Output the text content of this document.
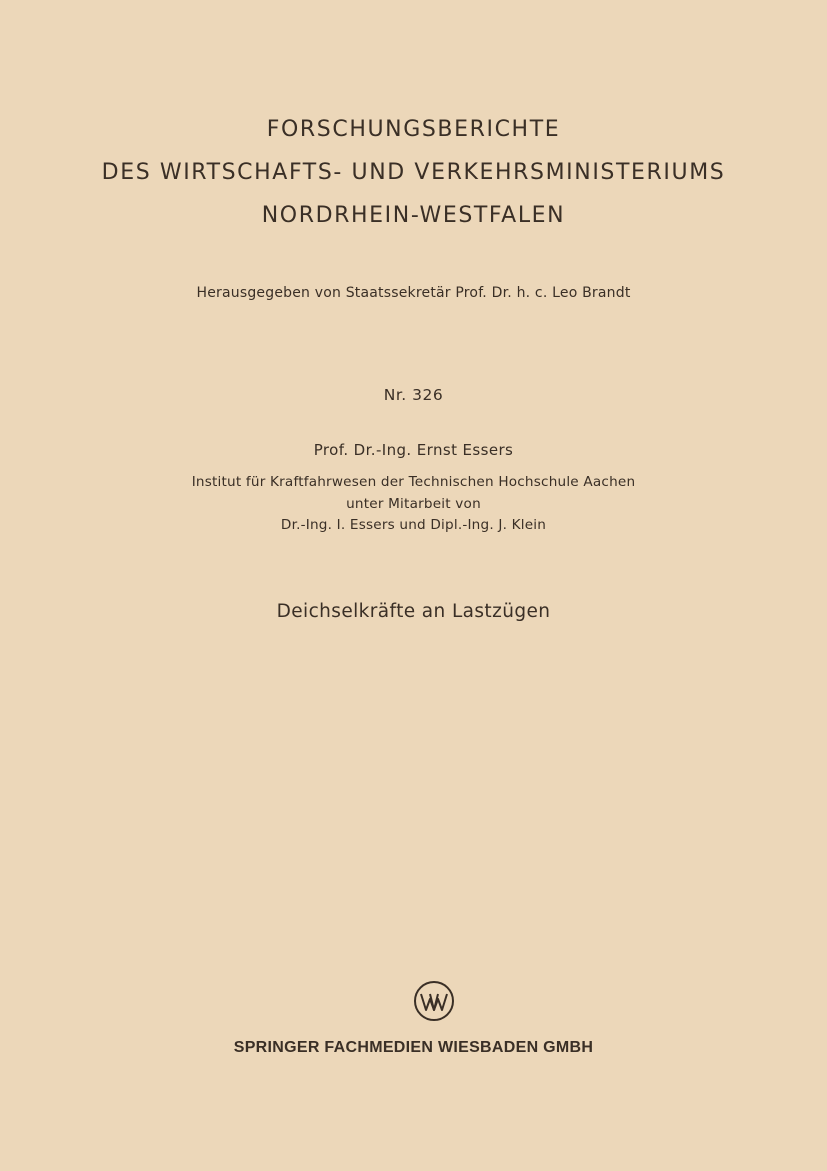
FORSCHUNGSBERICHTE
DES WIRTSCHAFTS- UND VERKEHRSMINISTERIUMS
NORDRHEIN-WESTFALEN
Herausgegeben von Staatssekretär Prof. Dr. h. c. Leo Brandt
Nr. 326
Prof. Dr.-Ing. Ernst Essers
Institut für Kraftfahrwesen der Technischen Hochschule Aachen
unter Mitarbeit von
Dr.-Ing. I. Essers und Dipl.-Ing. J. Klein
Deichselkräfte an Lastzügen
SPRINGER FACHMEDIEN WIESBADEN GMBH
